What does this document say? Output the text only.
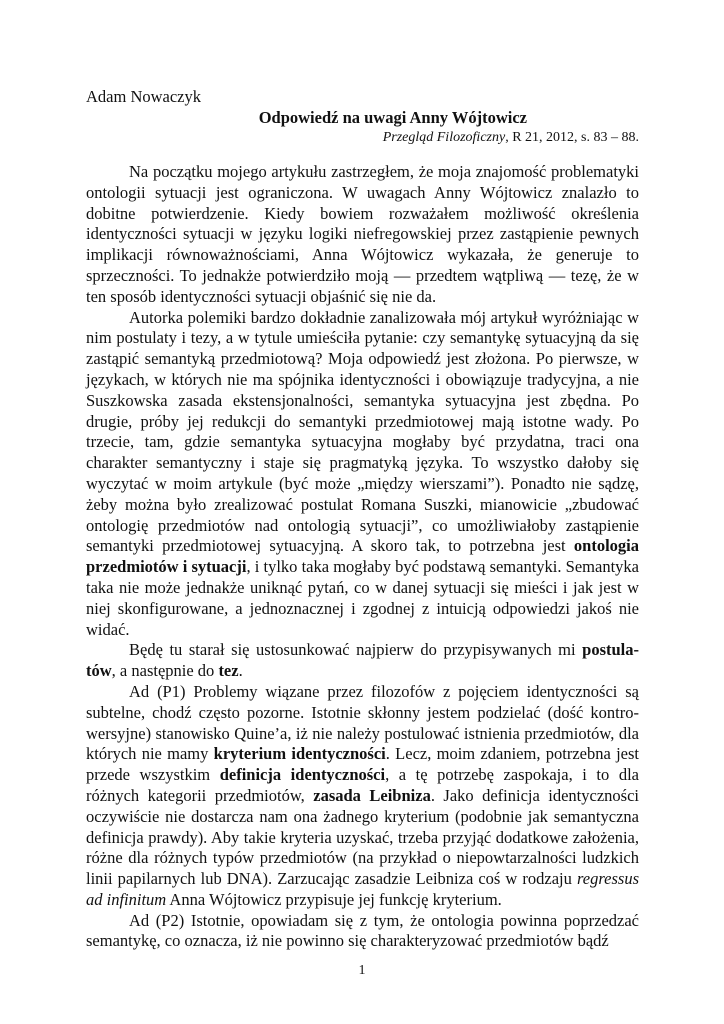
Adam Nowaczyk

Odpowiedź na uwagi Anny Wójtowicz

Przegląd Filozoficzny, R 21, 2012, s. 83 – 88.

Na początku mojego artykułu zastrzegłem, że moja znajomość problematyki ontologii sytuacji jest ograniczona. W uwagach Anny Wójtowicz znalazło to dobitne potwierdzenie. Kiedy bowiem rozważałem możliwość określenia identyczności sytuacji w języku logiki niefregowskiej przez zastąpienie pewnych implikacji równoważnościami, Anna Wójtowicz wykazała, że generuje to sprzeczności. To jednakże potwierdziło moją — przedtem wątpliwą — tezę, że w ten sposób identyczności sytuacji objaśnić się nie da.

Autorka polemiki bardzo dokładnie zanalizowała mój artykuł wyróżniając w nim postulaty i tezy, a w tytule umieściła pytanie: czy semantykę sytuacyjną da się zastąpić semantyką przedmiotową? Moja odpowiedź jest złożona. Po pierwsze, w językach, w których nie ma spójnika identyczności i obowiązuje tradycyjna, a nie Suszkowska zasada ekstensjonalności, semantyka sytuacyjna jest zbędna. Po drugie, próby jej redukcji do semantyki przedmiotowej mają istotne wady. Po trzecie, tam, gdzie semantyka sytuacyjna mogłaby być przydatna, traci ona charakter semantyczny i staje się pragmatyką języka. To wszystko dałoby się wyczytać w moim artykule (być może „między wierszami”). Ponadto nie sądzę, żeby można było zrealizować postulat Romana Suszki, mianowicie „zbudować ontologię przedmiotów nad ontologią sytuacji”, co umożliwiałoby zastąpienie semantyki przedmiotowej sytuacyjną. A skoro tak, to potrzebna jest ontologia przedmiotów i sytuacji, i tylko taka mogłaby być podstawą semantyki. Semantyka taka nie może jednakże uniknąć pytań, co w danej sytuacji się mieści i jak jest w niej skonfigurowane, a jednoznacznej i zgodnej z intuicją odpowiedzi jakoś nie widać.

Będę tu starał się ustosunkować najpierw do przypisywanych mi postulatów, a następnie do tez.

Ad (P1) Problemy wiązane przez filozofów z pojęciem identyczności są subtelne, chodź często pozorne. Istotnie skłonny jestem podzielać (dość kontrowersyjne) stanowisko Quine’a, iż nie należy postulować istnienia przedmiotów, dla których nie mamy kryterium identyczności. Lecz, moim zdaniem, potrzebna jest przede wszystkim definicja identyczności, a tę potrzebę zaspokaja, i to dla różnych kategorii przedmiotów, zasada Leibniza. Jako definicja identyczności oczywiście nie dostarcza nam ona żadnego kryterium (podobnie jak semantyczna definicja prawdy). Aby takie kryteria uzyskać, trzeba przyjąć dodatkowe założenia, różne dla różnych typów przedmiotów (na przykład o niepowtarzalności ludzkich linii papilarnych lub DNA). Zarzucając zasadzie Leibniza coś w rodzaju regressus ad infinitum Anna Wójtowicz przypisuje jej funkcję kryterium.

Ad (P2) Istotnie, opowiadam się z tym, że ontologia powinna poprzedzać semantykę, co oznacza, iż nie powinno się charakteryzować przedmiotów bądź

1
